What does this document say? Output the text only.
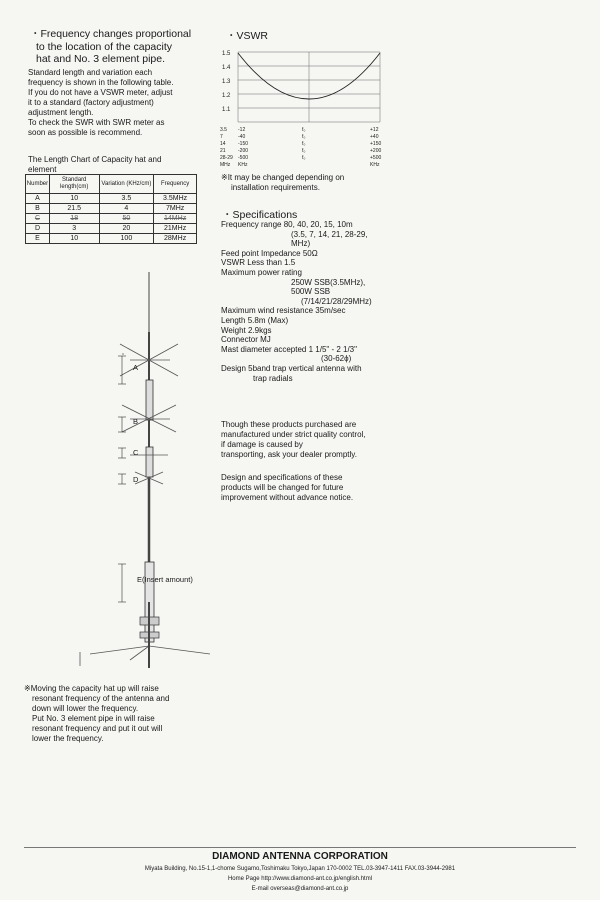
・Frequency changes proportional
to the location of the capacity
hat and No. 3 element pipe.
Standard length and variation each
frequency is shown in the following table.
If you do not have a VSWR meter, adjust
it to a standard (factory adjustment)
adjustment length.
To check the SWR with SWR meter as
soon as possible is recommend.
The Length Chart of Capacity hat and
element
Number	Standard length(cm)	Variation (KHz/cm)	Frequency
A	10	3.5	3.5MHz
B	21.5	4	7MHz
C	18	50	14MHz
D	3	20	21MHz
E	10	100	28MHz
A
B
C
D
E(Insert amount)
※Moving the capacity hat up will raise
resonant frequency of the antenna and
down will lower the frequency.
Put No. 3 element pipe in will raise
resonant frequency and put it out will
lower the frequency.
・VSWR
1.5
1.4
1.3
1.2
1.1
3.5 -12	f₀	+12
7	-40	f₀	+40
14 -150	f₀	+150
21 -200	f₀	+200
28-29 -500	f₀	+500
MHz KHz	KHz
※It may be changed depending on
installation requirements.
・Specifications
Frequency range 80, 40, 20, 15, 10m
(3.5, 7, 14, 21, 28-29,
MHz)
Feed point Impedance 50Ω
VSWR Less than 1.5
Maximum power rating
250W SSB(3.5MHz),
500W SSB
(7/14/21/28/29MHz)
Maximum wind resistance 35m/sec
Length 5.8m (Max)
Weight 2.9kgs
Connector MJ
Mast diameter accepted 1 1/5" - 2 1/3"
(30-62ϕ)
Design 5band trap vertical antenna with
trap radials
Though these products purchased are
manufactured under strict quality control,
if damage is caused by
transporting, ask your dealer promptly.
Design and specifications of these
products will be changed for future
improvement without advance notice.
DIAMOND ANTENNA CORPORATION
Miyata Building, No.15-1,1-chome Sugamo,Toshimaku Tokyo,Japan 170-0002 TEL.03-3947-1411 FAX.03-3944-2981
Home Page http://www.diamond-ant.co.jp/english.html
E-mail overseas@diamond-ant.co.jp
